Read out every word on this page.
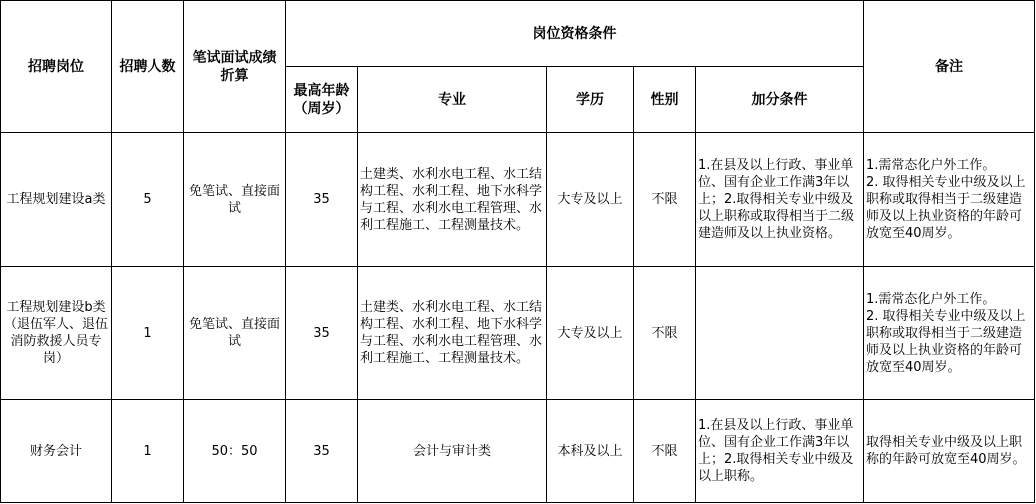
招聘岗位	招聘人数	笔试面试成绩折算	岗位资格条件					备注
			最高年龄（周岁）	专业	学历	性别	加分条件	
工程规划建设a类	5	免笔试、直接面试	35	土建类、水利水电工程、水工结构工程、水利工程、地下水科学与工程、水利水电工程管理、水利工程施工、工程测量技术。	大专及以上	不限	1.在县及以上行政、事业单位、国有企业工作满3年以上；2.取得相关专业中级及以上职称或取得相当于二级建造师及以上执业资格。	1.需常态化户外工作。
2. 取得相关专业中级及以上职称或取得相当于二级建造师及以上执业资格的年龄可放宽至40周岁。
工程规划建设b类（退伍军人、退伍消防救援人员专岗）	1	免笔试、直接面试	35	土建类、水利水电工程、水工结构工程、水利工程、地下水科学与工程、水利水电工程管理、水利工程施工、工程测量技术。	大专及以上	不限		1.需常态化户外工作。
2. 取得相关专业中级及以上职称或取得相当于二级建造师及以上执业资格的年龄可放宽至40周岁。
财务会计	1	50：50	35	会计与审计类	本科及以上	不限	1.在县及以上行政、事业单位、国有企业工作满3年以上；2.取得相关专业中级及以上职称。	取得相关专业中级及以上职称的年龄可放宽至40周岁。
